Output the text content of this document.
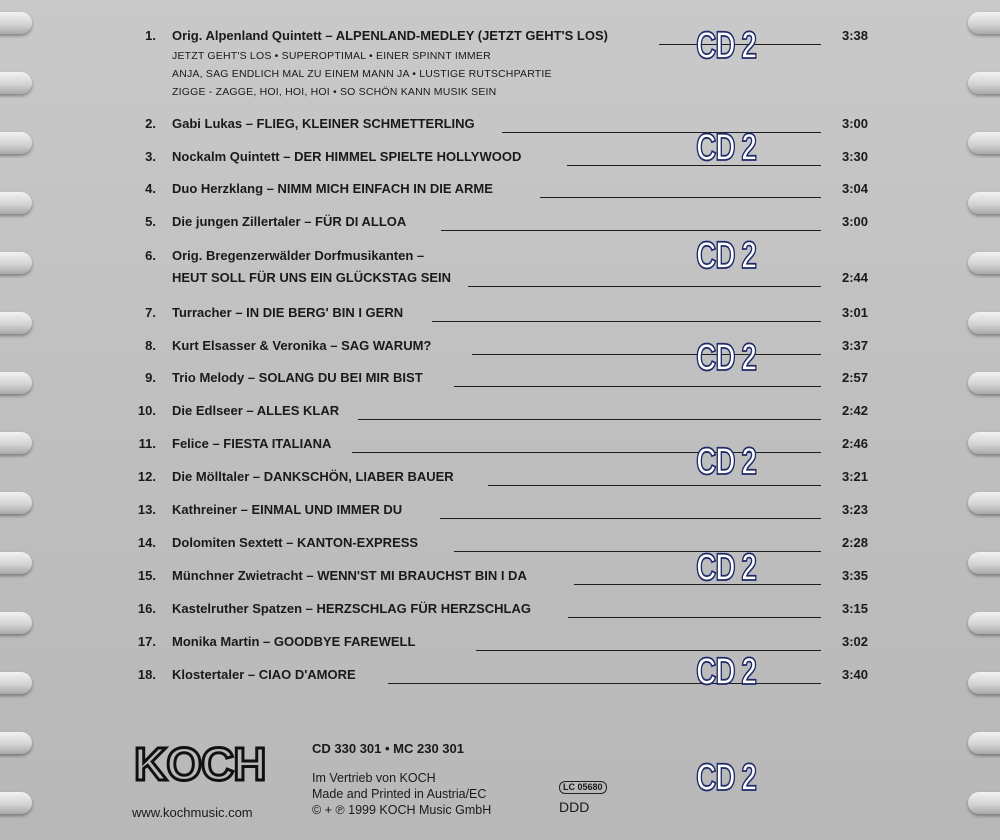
1. Orig. Alpenland Quintett – ALPENLAND-MEDLEY (JETZT GEHT'S LOS)	3:38
JETZT GEHT'S LOS • SUPEROPTIMAL • EINER SPINNT IMMER
ANJA, SAG ENDLICH MAL ZU EINEM MANN JA • LUSTIGE RUTSCHPARTIE
ZIGGE - ZAGGE, HOI, HOI, HOI • SO SCHÖN KANN MUSIK SEIN
2. Gabi Lukas – FLIEG, KLEINER SCHMETTERLING	3:00
3. Nockalm Quintett – DER HIMMEL SPIELTE HOLLYWOOD	3:30
4. Duo Herzklang – NIMM MICH EINFACH IN DIE ARME	3:04
5. Die jungen Zillertaler – FÜR DI ALLOA	3:00
6. Orig. Bregenzerwälder Dorfmusikanten –
HEUT SOLL FÜR UNS EIN GLÜCKSTAG SEIN	2:44
7. Turracher – IN DIE BERG' BIN I GERN	3:01
8. Kurt Elsasser & Veronika – SAG WARUM?	3:37
9. Trio Melody – SOLANG DU BEI MIR BIST	2:57
10. Die Edlseer – ALLES KLAR	2:42
11. Felice – FIESTA ITALIANA	2:46
12. Die Mölltaler – DANKSCHÖN, LIABER BAUER	3:21
13. Kathreiner – EINMAL UND IMMER DU	3:23
14. Dolomiten Sextett – KANTON-EXPRESS	2:28
15. Münchner Zwietracht – WENN'ST MI BRAUCHST BIN I DA	3:35
16. Kastelruther Spatzen – HERZSCHLAG FÜR HERZSCHLAG	3:15
17. Monika Martin – GOODBYE FAREWELL	3:02
18. Klostertaler – CIAO D'AMORE	3:40
CD 2
CD 2
CD 2
CD 2
CD 2
CD 2
CD 2
CD 2
KOCH
www.kochmusic.com
CD 330 301 • MC 230 301
Im Vertrieb von KOCH
Made and Printed in Austria/EC
© + ℗ 1999 KOCH Music GmbH
LC 05680
DDD
